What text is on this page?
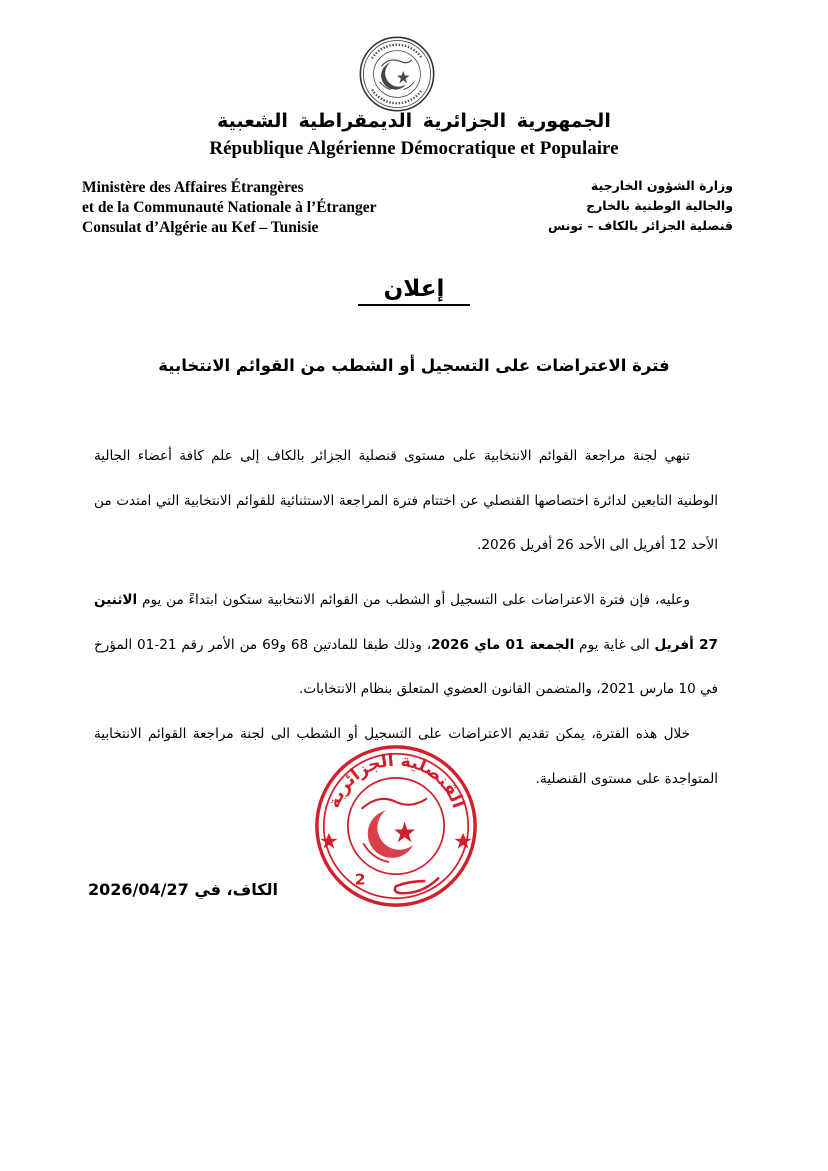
الجمهورية الجزائرية الديمقراطية الشعبية
République Algérienne Démocratique et Populaire
Ministère des Affaires Étrangères
et de la Communauté Nationale à l’Étranger
Consulat d’Algérie au Kef – Tunisie
وزارة الشؤون الخارجية
والجالية الوطنية بالخارج
قنصلية الجزائر بالكاف – تونس
إعلان
فترة الاعتراضات على التسجيل أو الشطب من القوائم الانتخابية
تنهي لجنة مراجعة القوائم الانتخابية على مستوى قنصلية الجزائر بالكاف إلى علم كافة أعضاء الجالية الوطنية التابعين لدائرة اختصاصها القنصلي عن اختتام فترة المراجعة الاستثنائية للقوائم الانتخابية التي امتدت من الأحد 12 أفريل الى الأحد 26 أفريل 2026.
وعليه، فإن فترة الاعتراضات على التسجيل أو الشطب من القوائم الانتخابية ستكون ابتداءً من يوم الاثنين 27 أفريل الى غاية يوم الجمعة 01 ماي 2026، وذلك طبقا للمادتين 68 و69 من الأمر رقم 21-01 المؤرخ في 10 مارس 2021، والمتضمن القانون العضوي المتعلق بنظام الانتخابات.
خلال هذه الفترة، يمكن تقديم الاعتراضات على التسجيل أو الشطب الى لجنة مراجعة القوائم الانتخابية المتواجدة على مستوى القنصلية.
الكاف، في 2026/04/27
القنصلية الجزائرية
2
